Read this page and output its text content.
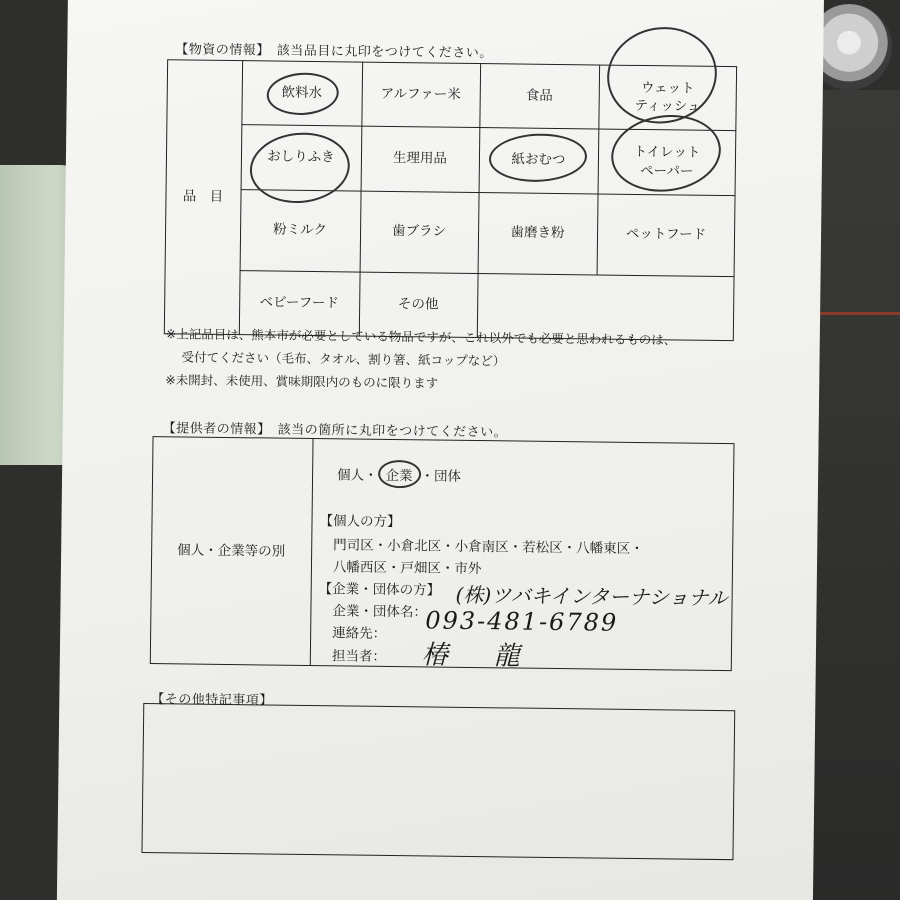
【物資の情報】　該当品目に丸印をつけてください。
品　目
飲料水	アルファー米	食品	ウェット
ティッシュ
おしりふき	生理用品	紙おむつ	トイレット
ペーパー
粉ミルク	歯ブラシ	歯磨き粉	ペットフード
ベビーフード	その他
※上記品目は、熊本市が必要としている物品ですが、これ以外でも必要と思われるものは、
受付てください（毛布、タオル、割り箸、紙コップなど）
※未開封、未使用、賞味期限内のものに限ります
【提供者の情報】　該当の箇所に丸印をつけてください。
個人・企業等の別
個人・ 企業 ・団体
【個人の方】
門司区・小倉北区・小倉南区・若松区・八幡東区・
八幡西区・戸畑区・市外
【企業・団体の方】
企業・団体名：
(株)ツバキインターナショナル
連絡先： 093-481-6789
担当者： 椿　龍
【その他特記事項】
